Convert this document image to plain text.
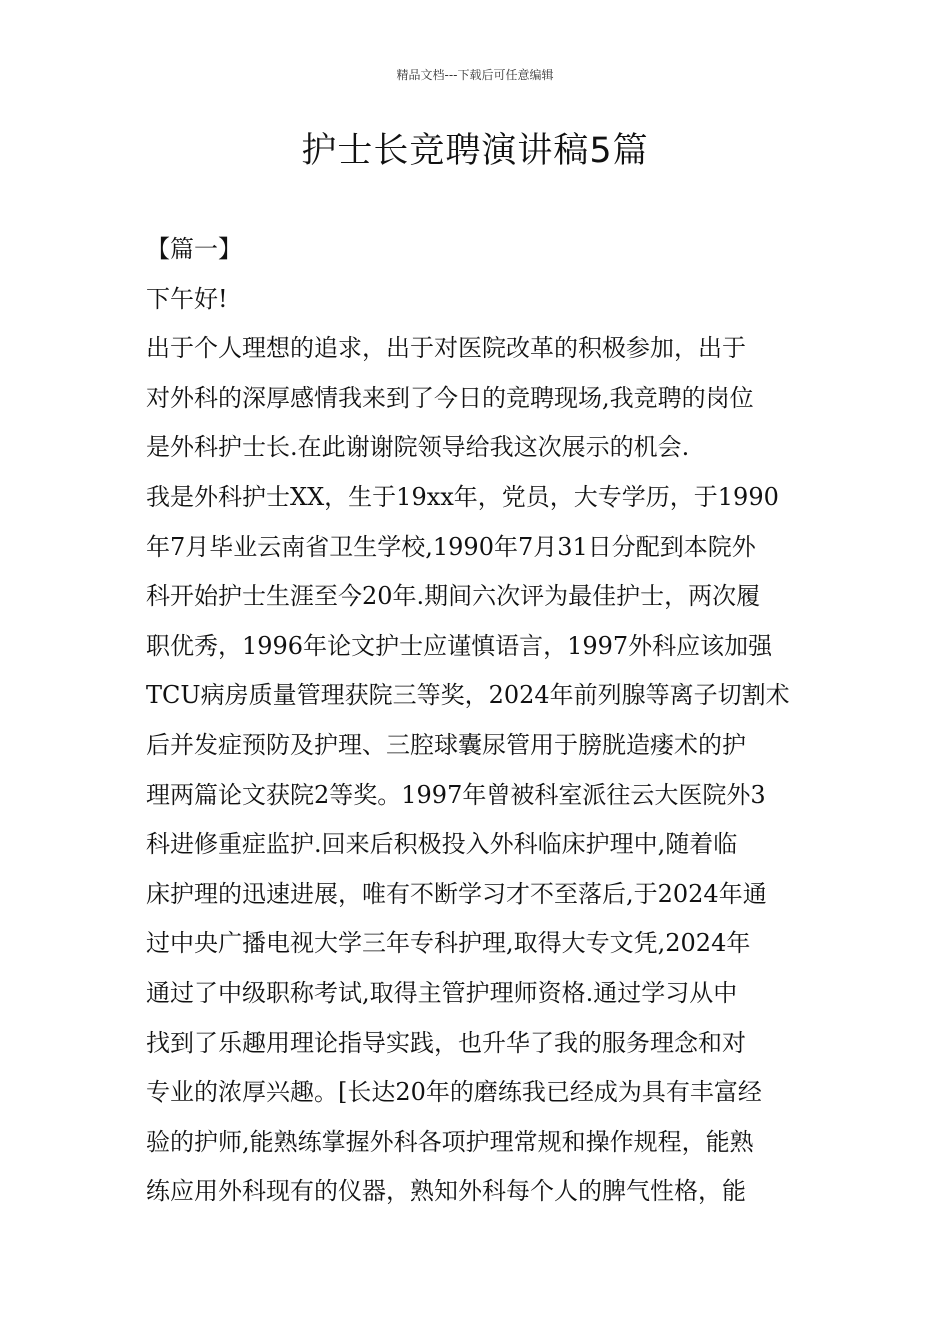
精品文档---下载后可任意编辑
护士长竞聘演讲稿5篇
【篇一】
下午好!
出于个人理想的追求，出于对医院改革的积极参加，出于
对外科的深厚感情我来到了今日的竞聘现场,我竞聘的岗位
是外科护士长.在此谢谢院领导给我这次展示的机会.
我是外科护士XX，生于19xx年，党员，大专学历，于1990
年7月毕业云南省卫生学校,1990年7月31日分配到本院外
科开始护士生涯至今20年.期间六次评为最佳护士，两次履
职优秀，1996年论文护士应谨慎语言，1997外科应该加强
TCU病房质量管理获院三等奖，2024年前列腺等离子切割术
后并发症预防及护理、三腔球囊尿管用于膀胱造瘘术的护
理两篇论文获院2等奖。1997年曾被科室派往云大医院外3
科进修重症监护.回来后积极投入外科临床护理中,随着临
床护理的迅速进展，唯有不断学习才不至落后,于2024年通
过中央广播电视大学三年专科护理,取得大专文凭,2024年
通过了中级职称考试,取得主管护理师资格.通过学习从中
找到了乐趣用理论指导实践，也升华了我的服务理念和对
专业的浓厚兴趣。[长达20年的磨练我已经成为具有丰富经
验的护师,能熟练掌握外科各项护理常规和操作规程，能熟
练应用外科现有的仪器，熟知外科每个人的脾气性格，能
